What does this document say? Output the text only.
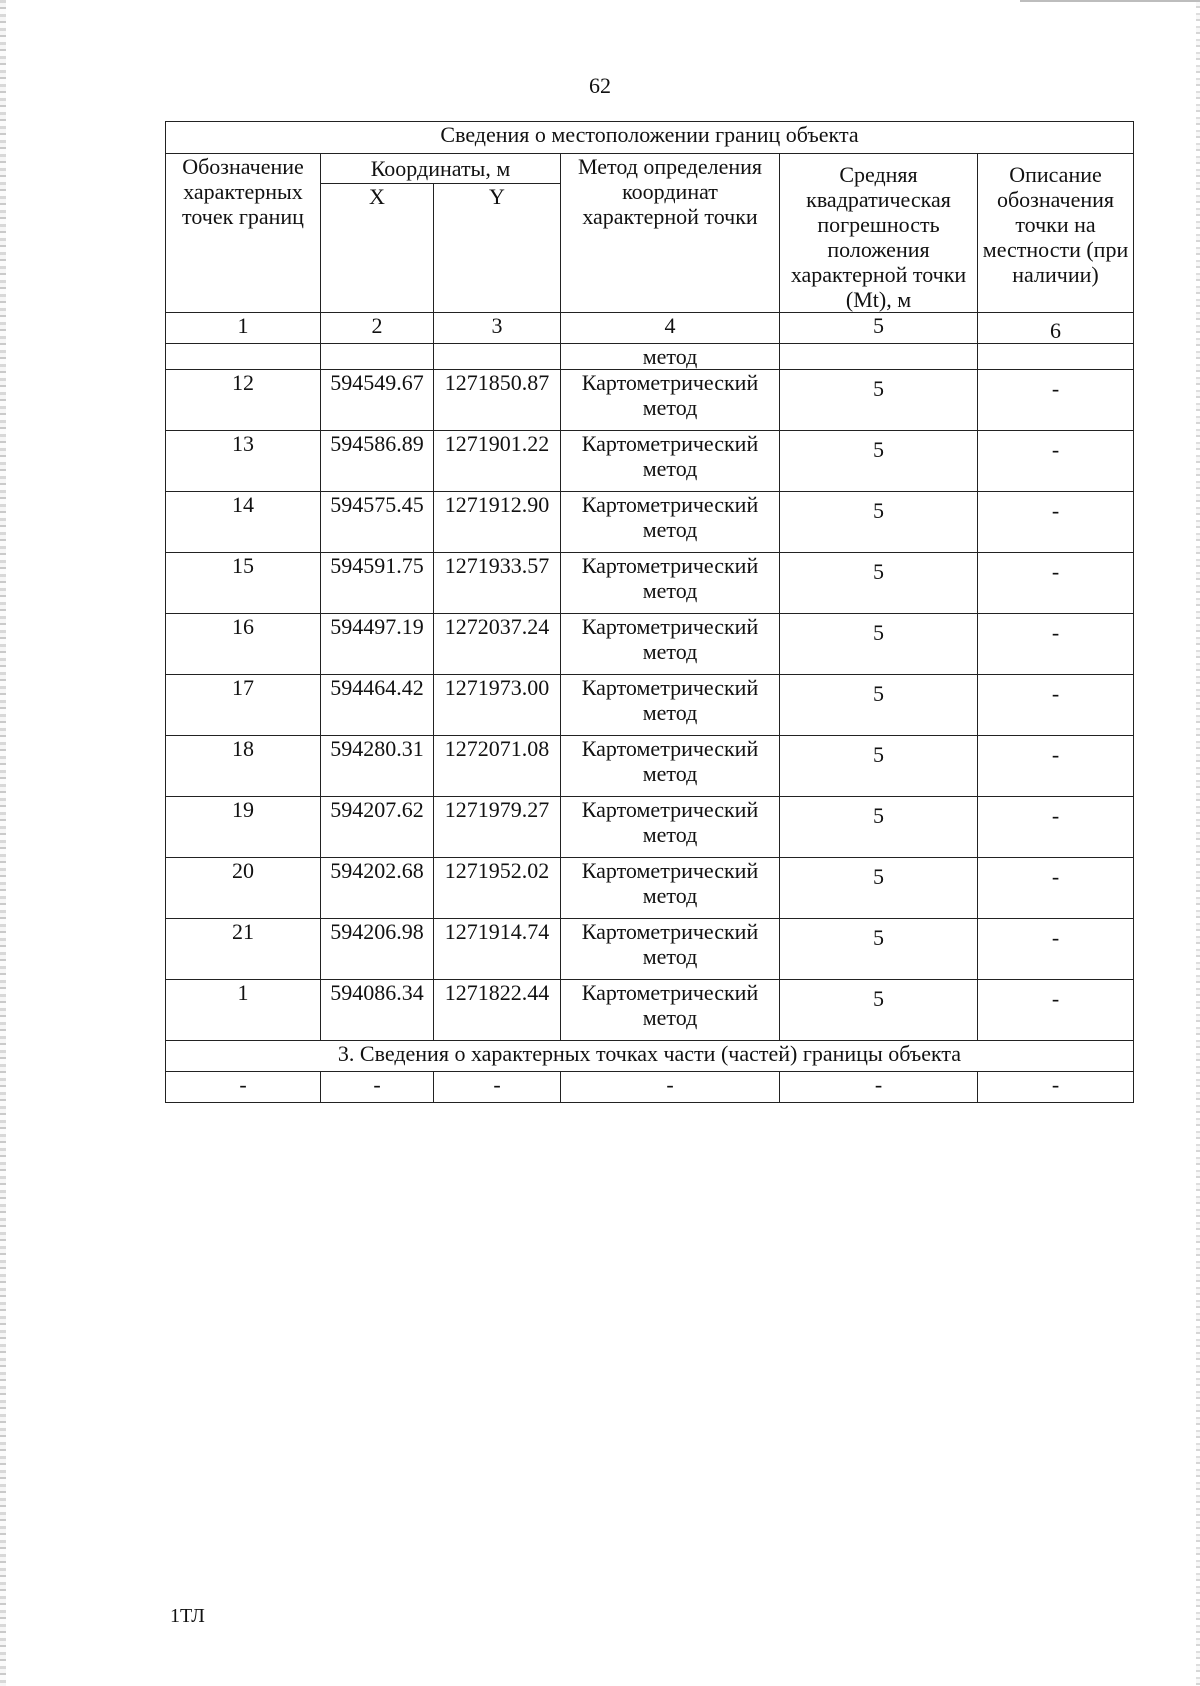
62
Сведения о местоположении границ объекта					
Обозначение характерных точек границ	Координаты, м		Метод определения координат характерной точки	Средняя квадратическая погрешность положения характерной точки (Mt), м	Описание обозначения точки на местности (при наличии)
	X	Y			
1	2	3	4	5	6
			метод		
12	594549.67	1271850.87	Картометрический метод	5	-
13	594586.89	1271901.22	Картометрический метод	5	-
14	594575.45	1271912.90	Картометрический метод	5	-
15	594591.75	1271933.57	Картометрический метод	5	-
16	594497.19	1272037.24	Картометрический метод	5	-
17	594464.42	1271973.00	Картометрический метод	5	-
18	594280.31	1272071.08	Картометрический метод	5	-
19	594207.62	1271979.27	Картометрический метод	5	-
20	594202.68	1271952.02	Картометрический метод	5	-
21	594206.98	1271914.74	Картометрический метод	5	-
1	594086.34	1271822.44	Картометрический метод	5	-
3. Сведения о характерных точках части (частей) границы объекта					
-	-	-	-	-	-
1ТЛ
